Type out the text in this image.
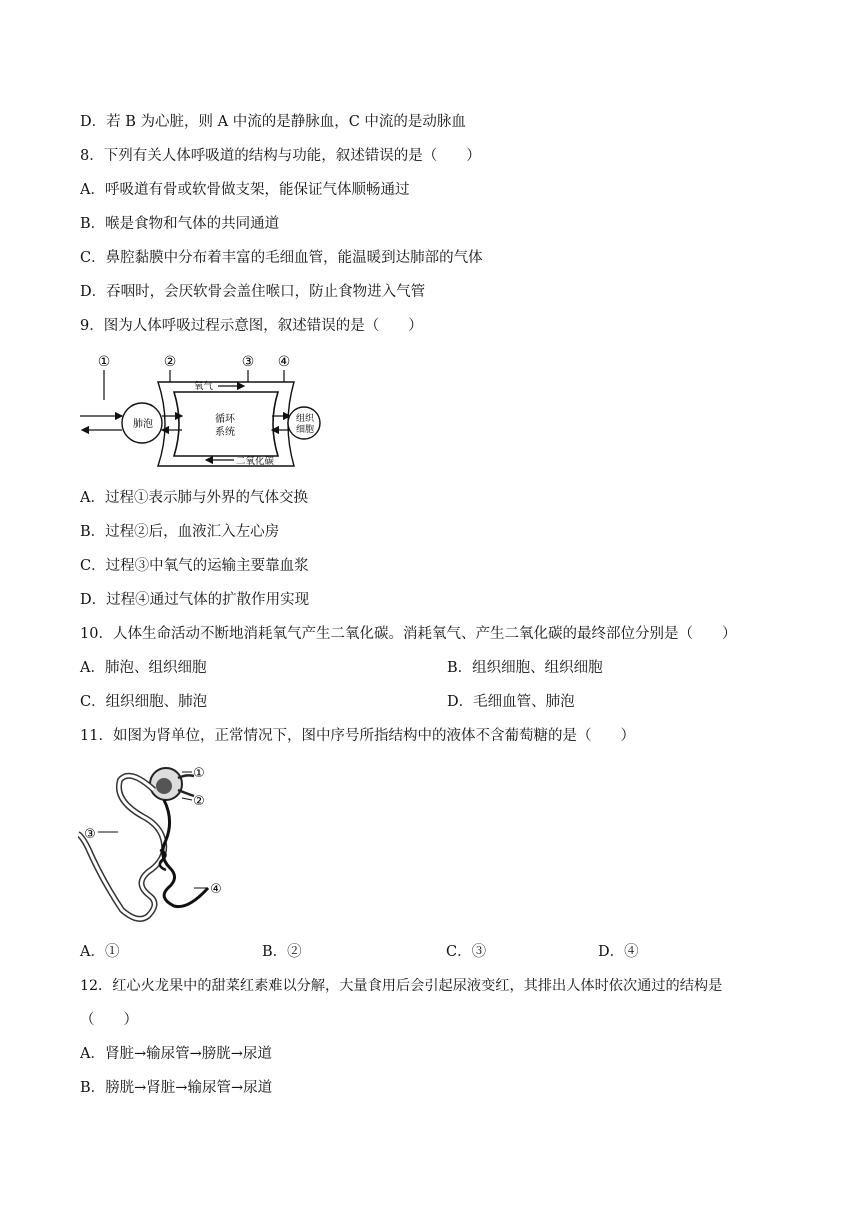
D．若 B 为心脏，则 A 中流的是静脉血，C 中流的是动脉血
8．下列有关人体呼吸道的结构与功能，叙述错误的是（　　）
A．呼吸道有骨或软骨做支架，能保证气体顺畅通过
B．喉是食物和气体的共同通道
C．鼻腔黏膜中分布着丰富的毛细血管，能温暖到达肺部的气体
D．吞咽时，会厌软骨会盖住喉口，防止食物进入气管
9．图为人体呼吸过程示意图，叙述错误的是（　　）
①	②	③ ④
肺泡
氧气
循环
系统
组织
细胞
二氧化碳
A．过程①表示肺与外界的气体交换
B．过程②后，血液汇入左心房
C．过程③中氧气的运输主要靠血浆
D．过程④通过气体的扩散作用实现
10．人体生命活动不断地消耗氧气产生二氧化碳。消耗氧气、产生二氧化碳的最终部位分别是（　　）
A．肺泡、组织细胞	B．组织细胞、组织细胞
C．组织细胞、肺泡	D．毛细血管、肺泡
11．如图为肾单位，正常情况下，图中序号所指结构中的液体不含葡萄糖的是（　　）
①
②
③
④
A．①	B．②	C．③	D．④
12．红心火龙果中的甜菜红素难以分解，大量食用后会引起尿液变红，其排出人体时依次通过的结构是
（　　）
A．肾脏→输尿管→膀胱→尿道
B．膀胱→肾脏→输尿管→尿道
